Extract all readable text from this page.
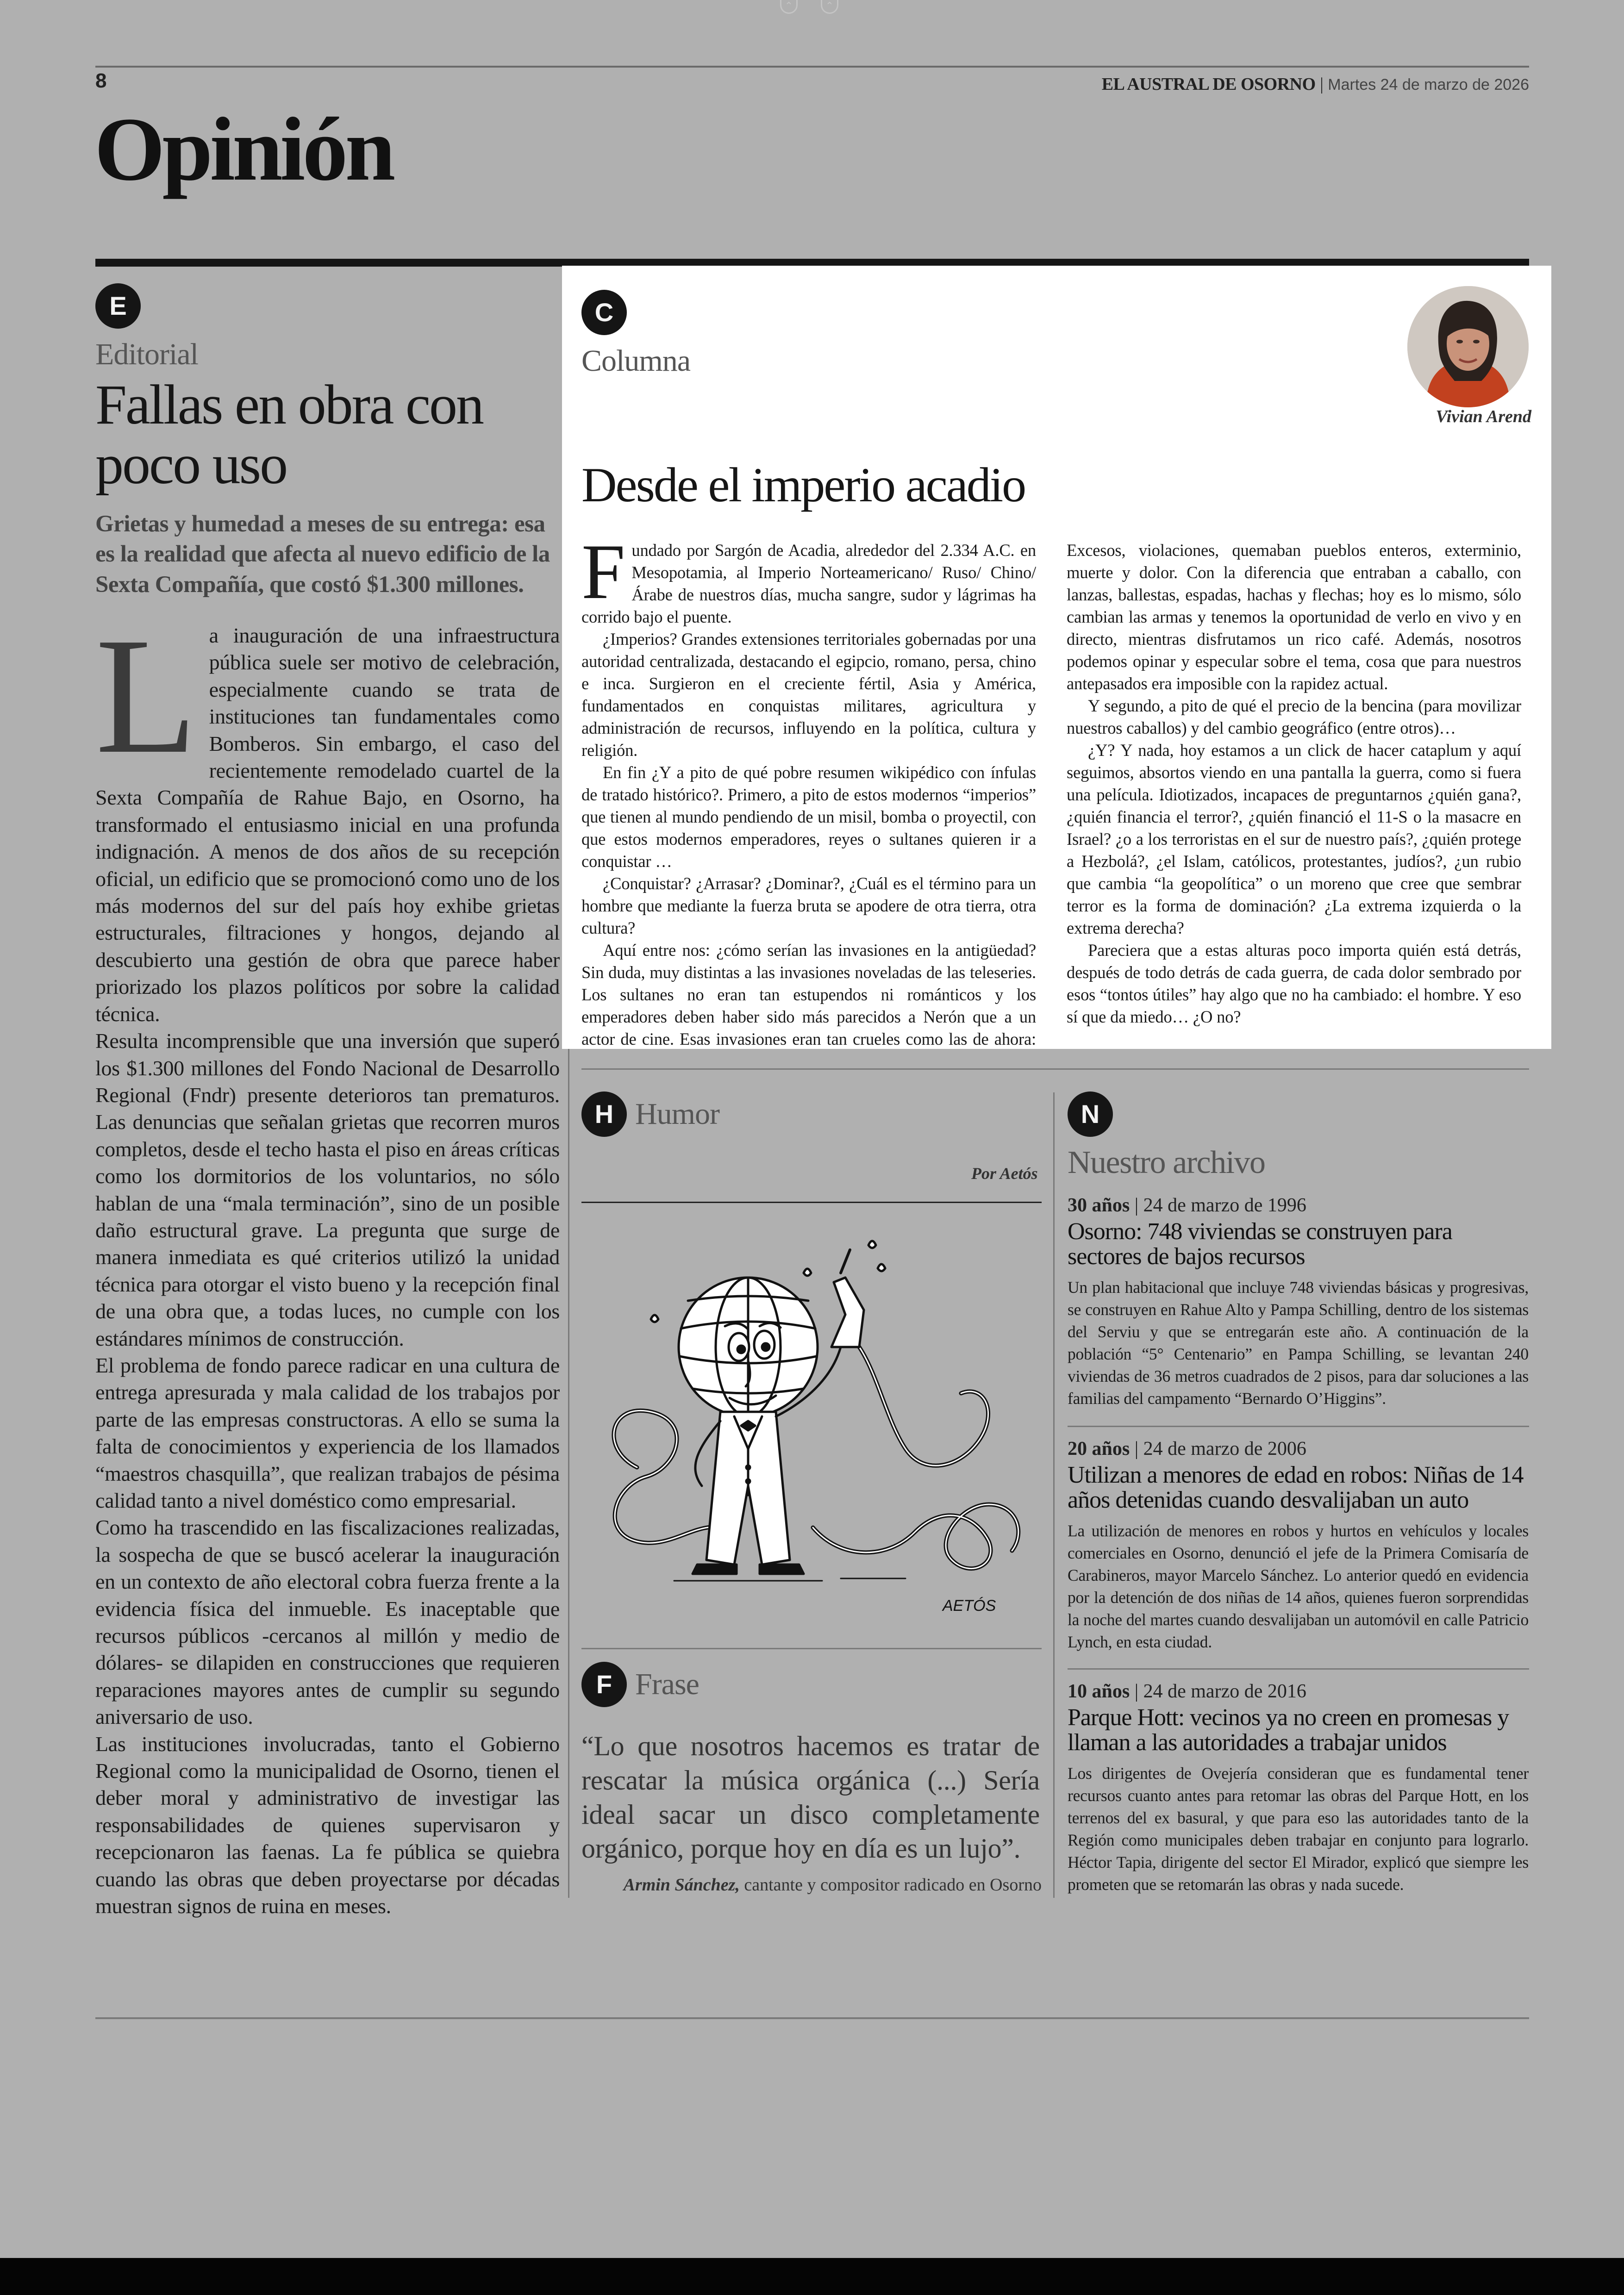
⌃	⌃
8	EL AUSTRAL DE OSORNO | Martes 24 de marzo de 2026
Opinión
E
Editorial
Fallas en obra con poco uso
Grietas y humedad a meses de su entrega: esa es la realidad que afecta al nuevo edificio de la Sexta Compañía, que costó $1.300 millones.
L a inauguración de una infraestructura pública suele ser motivo de celebración, especialmente cuando se trata de instituciones tan fundamentales como Bomberos. Sin embargo, el caso del recientemente remodelado cuartel de la Sexta Compañía de Rahue Bajo, en Osorno, ha transformado el entusiasmo inicial en una profunda indignación. A menos de dos años de su recepción oficial, un edificio que se promocionó como uno de los más modernos del sur del país hoy exhibe grietas estructurales, filtraciones y hongos, dejando al descubierto una gestión de obra que parece haber priorizado los plazos políticos por sobre la calidad técnica.

Resulta incomprensible que una inversión que superó los $1.300 millones del Fondo Nacional de Desarrollo Regional (Fndr) presente deterioros tan prematuros. Las denuncias que señalan grietas que recorren muros completos, desde el techo hasta el piso en áreas críticas como los dormitorios de los voluntarios, no sólo hablan de una “mala terminación”, sino de un posible daño estructural grave. La pregunta que surge de manera inmediata es qué criterios utilizó la unidad técnica para otorgar el visto bueno y la recepción final de una obra que, a todas luces, no cumple con los estándares mínimos de construcción.

El problema de fondo parece radicar en una cultura de entrega apresurada y mala calidad de los trabajos por parte de las empresas constructoras. A ello se suma la falta de conocimientos y experiencia de los llamados “maestros chasquilla”, que realizan trabajos de pésima calidad tanto a nivel doméstico como empresarial.

Como ha trascendido en las fiscalizaciones realizadas, la sospecha de que se buscó acelerar la inauguración en un contexto de año electoral cobra fuerza frente a la evidencia física del inmueble. Es inaceptable que recursos públicos -cercanos al millón y medio de dólares- se dilapiden en construcciones que requieren reparaciones mayores antes de cumplir su segundo aniversario de uso.

Las instituciones involucradas, tanto el Gobierno Regional como la municipalidad de Osorno, tienen el deber moral y administrativo de investigar las responsabilidades de quienes supervisaron y recepcionaron las faenas. La fe pública se quiebra cuando las obras que deben proyectarse por décadas muestran signos de ruina en meses.

C
Columna
Vivian Arend
Desde el imperio acadio

Fundado por Sargón de Acadia, alrededor del 2.334 A.C. en Mesopotamia, al Imperio Norteamericano/ Ruso/ Chino/ Árabe de nuestros días, mucha sangre, sudor y lágrimas ha corrido bajo el puente.

¿Imperios? Grandes extensiones territoriales gobernadas por una autoridad centralizada, destacando el egipcio, romano, persa, chino e inca. Surgieron en el creciente fértil, Asia y América, fundamentados en conquistas militares, agricultura y administración de recursos, influyendo en la política, cultura y religión.

En fin ¿Y a pito de qué pobre resumen wikipédico con ínfulas de tratado histórico?. Primero, a pito de estos modernos “imperios” que tienen al mundo pendiendo de un misil, bomba o proyectil, con que estos modernos emperadores, reyes o sultanes quieren ir a conquistar …

¿Conquistar? ¿Arrasar? ¿Dominar?, ¿Cuál es el término para un hombre que mediante la fuerza bruta se apodere de otra tierra, otra cultura?

Aquí entre nos: ¿cómo serían las invasiones en la antigüedad? Sin duda, muy distintas a las invasiones noveladas de las teleseries. Los sultanes no eran tan estupendos ni románticos y los emperadores deben haber sido más parecidos a Nerón que a un actor de cine. Esas invasiones eran tan crueles como las de ahora: Excesos, violaciones, quemaban pueblos enteros, exterminio, muerte y dolor. Con la diferencia que entraban a caballo, con lanzas, ballestas, espadas, hachas y flechas; hoy es lo mismo, sólo cambian las armas y tenemos la oportunidad de verlo en vivo y en directo, mientras disfrutamos un rico café. Además, nosotros podemos opinar y especular sobre el tema, cosa que para nuestros antepasados era imposible con la rapidez actual.

Y segundo, a pito de qué el precio de la bencina (para movilizar nuestros caballos) y del cambio geográfico (entre otros)…

¿Y? Y nada, hoy estamos a un click de hacer cataplum y aquí seguimos, absortos viendo en una pantalla la guerra, como si fuera una película. Idiotizados, incapaces de preguntarnos ¿quién gana?, ¿quién financia el terror?, ¿quién financió el 11-S o la masacre en Israel? ¿o a los terroristas en el sur de nuestro país?, ¿quién protege a Hezbolá?, ¿el Islam, católicos, protestantes, judíos?, ¿un rubio que cambia “la geopolítica” o un moreno que cree que sembrar terror es la forma de dominación? ¿La extrema izquierda o la extrema derecha?

Pareciera que a estas alturas poco importa quién está detrás, después de todo detrás de cada guerra, de cada dolor sembrado por esos “tontos útiles” hay algo que no ha cambiado: el hombre. Y eso sí que da miedo… ¿O no?

H Humor
Por Aetós
AETÓS
F Frase
“Lo que nosotros hacemos es tratar de rescatar la música orgánica (...) Sería ideal sacar un disco completamente orgánico, porque hoy en día es un lujo”.
Armin Sánchez, cantante y compositor radicado en Osorno
N
Nuestro archivo
30 años | 24 de marzo de 1996
Osorno: 748 viviendas se construyen para sectores de bajos recursos
Un plan habitacional que incluye 748 viviendas básicas y progresivas, se construyen en Rahue Alto y Pampa Schilling, dentro de los sistemas del Serviu y que se entregarán este año. A continuación de la población “5° Centenario” en Pampa Schilling, se levantan 240 viviendas de 36 metros cuadrados de 2 pisos, para dar soluciones a las familias del campamento “Bernardo O’Higgins”.
20 años | 24 de marzo de 2006
Utilizan a menores de edad en robos: Niñas de 14 años detenidas cuando desvalijaban un auto
La utilización de menores en robos y hurtos en vehículos y locales comerciales en Osorno, denunció el jefe de la Primera Comisaría de Carabineros, mayor Marcelo Sánchez. Lo anterior quedó en evidencia por la detención de dos niñas de 14 años, quienes fueron sorprendidas la noche del martes cuando desvalijaban un automóvil en calle Patricio Lynch, en esta ciudad.
10 años | 24 de marzo de 2016
Parque Hott: vecinos ya no creen en promesas y llaman a las autoridades a trabajar unidos
Los dirigentes de Ovejería consideran que es fundamental tener recursos cuanto antes para retomar las obras del Parque Hott, en los terrenos del ex basural, y que para eso las autoridades tanto de la Región como municipales deben trabajar en conjunto para lograrlo. Héctor Tapia, dirigente del sector El Mirador, explicó que siempre les prometen que se retomarán las obras y nada sucede.
